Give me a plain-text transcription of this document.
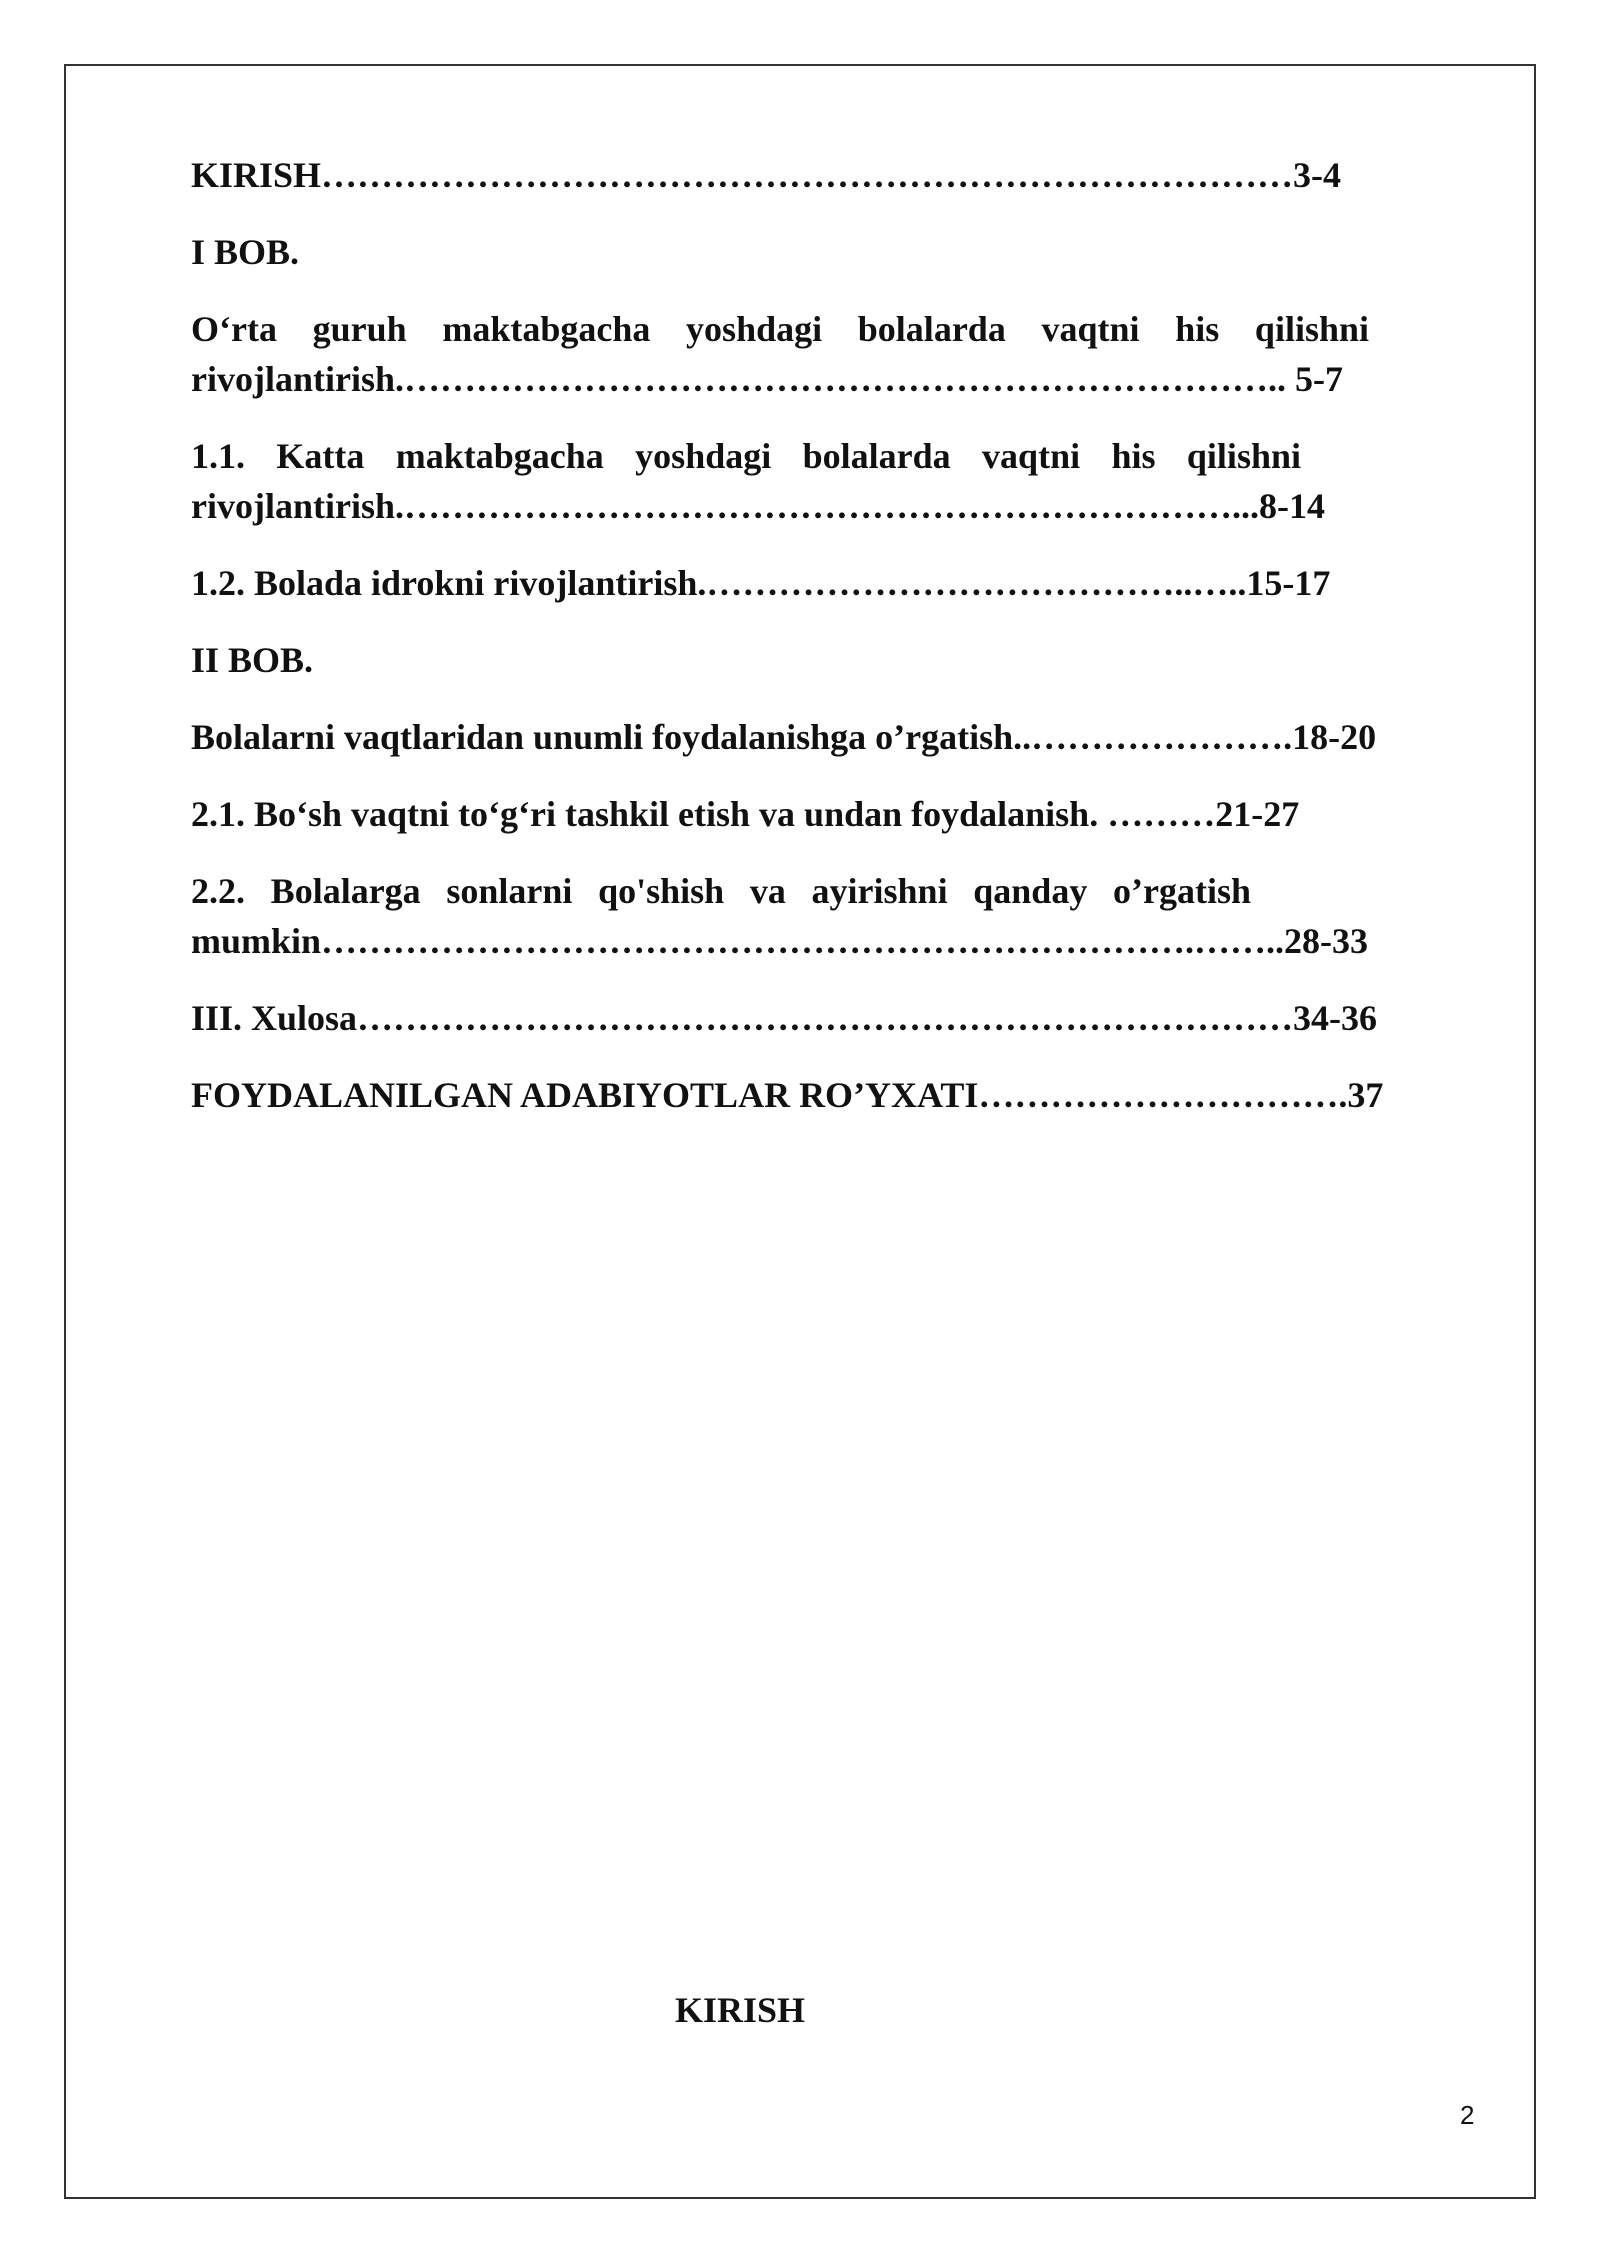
KIRISH………………………………………………………………………3-4

I BOB.

O‘rta guruh maktabgacha yoshdagi bolalarda vaqtni his qilishni

rivojlantirish.……………………………………………………………….. 5-7

1.1. Katta maktabgacha yoshdagi bolalarda vaqtni his qilishni

rivojlantirish.……………………………………………………………...8-14

1.2. Bolada idrokni rivojlantirish.…………………………………..…..15-17

II BOB.

Bolalarni vaqtlaridan unumli foydalanishga o’rgatish..………………….18-20

2.1. Bo‘sh vaqtni to‘g‘ri tashkil etish va undan foydalanish. ………21-27

2.2. Bolalarga sonlarni qo'shish va ayirishni qanday o’rgatish

mumkin……………………………………………………………….……..28-33

III. Xulosa……………………………………………………………………34-36

FOYDALANILGAN ADABIYOTLAR RO’YXATI………………………….37

KIRISH

2
